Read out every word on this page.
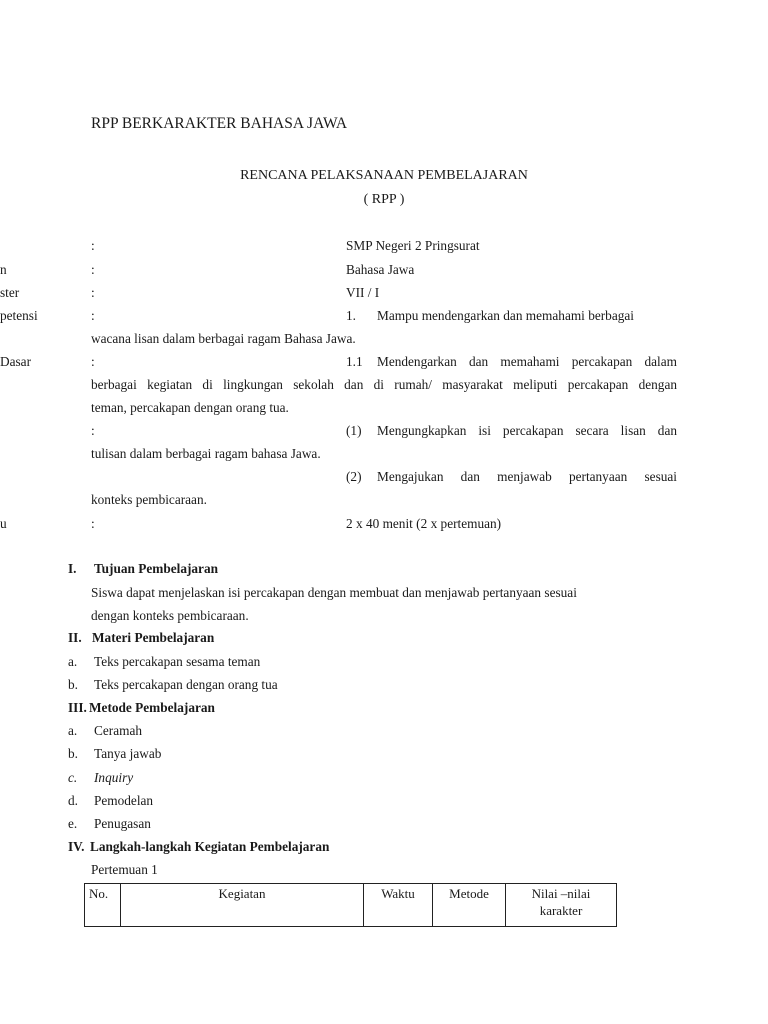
RPP BERKARAKTER BAHASA JAWA
RENCANA PELAKSANAAN PEMBELAJARAN
( RPP )
:	SMP Negeri 2 Pringsurat
n	:	Bahasa Jawa
ster	:	VII / I
petensi	:	1. Mampu mendengarkan dan memahami berbagai
wacana lisan dalam berbagai ragam Bahasa Jawa.
Dasar	:	1.1 Mendengarkan dan memahami percakapan dalam
berbagai kegiatan di lingkungan sekolah dan di rumah/ masyarakat meliputi percakapan dengan
teman, percakapan dengan orang tua.
:	(1) Mengungkapkan isi percakapan secara lisan dan
tulisan dalam berbagai ragam bahasa Jawa.
(2) Mengajukan dan menjawab pertanyaan sesuai
konteks pembicaraan.
u	:	2 x 40 menit (2 x pertemuan)
I. Tujuan Pembelajaran
Siswa dapat menjelaskan isi percakapan dengan membuat dan menjawab pertanyaan sesuai
dengan konteks pembicaraan.
II. Materi Pembelajaran
a. Teks percakapan sesama teman
b. Teks percakapan dengan orang tua
III. Metode Pembelajaran
a. Ceramah
b. Tanya jawab
c. Inquiry
d. Pemodelan
e. Penugasan
IV. Langkah-langkah Kegiatan Pembelajaran
Pertemuan 1
No.	Kegiatan	Waktu	Metode	Nilai –nilai karakter
